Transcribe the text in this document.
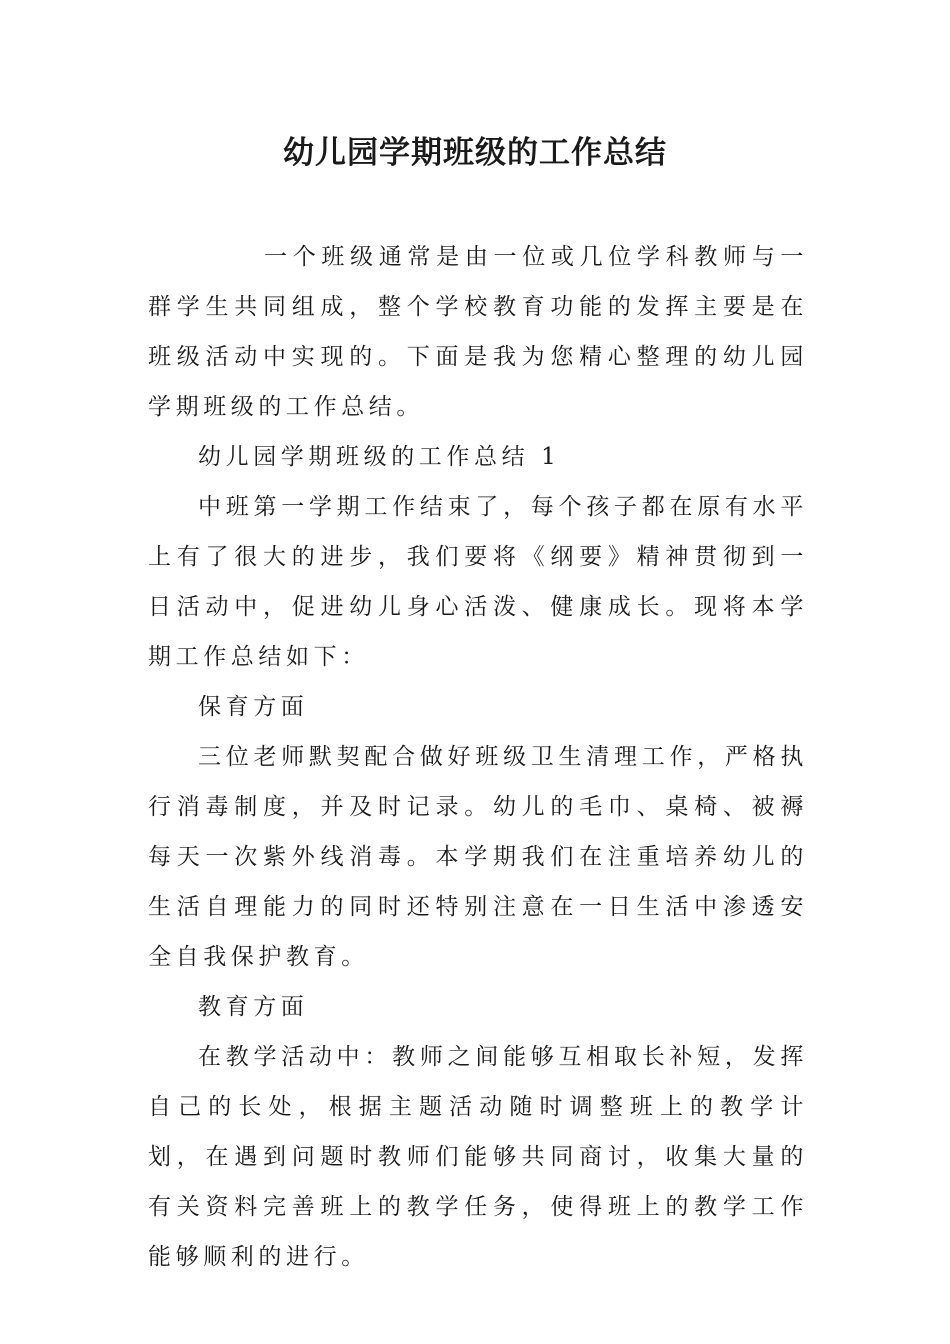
幼儿园学期班级的工作总结

一个班级通常是由一位或几位学科教师与一群学生共同组成，整个学校教育功能的发挥主要是在班级活动中实现的。下面是我为您精心整理的幼儿园学期班级的工作总结。

幼儿园学期班级的工作总结 1

中班第一学期工作结束了，每个孩子都在原有水平上有了很大的进步，我们要将《纲要》精神贯彻到一日活动中，促进幼儿身心活泼、健康成长。现将本学期工作总结如下：

保育方面

三位老师默契配合做好班级卫生清理工作，严格执行消毒制度，并及时记录。幼儿的毛巾、桌椅、被褥每天一次紫外线消毒。本学期我们在注重培养幼儿的生活自理能力的同时还特别注意在一日生活中渗透安全自我保护教育。

教育方面

在教学活动中：教师之间能够互相取长补短，发挥自己的长处，根据主题活动随时调整班上的教学计划，在遇到问题时教师们能够共同商讨，收集大量的有关资料完善班上的教学任务，使得班上的教学工作能够顺利的进行。
